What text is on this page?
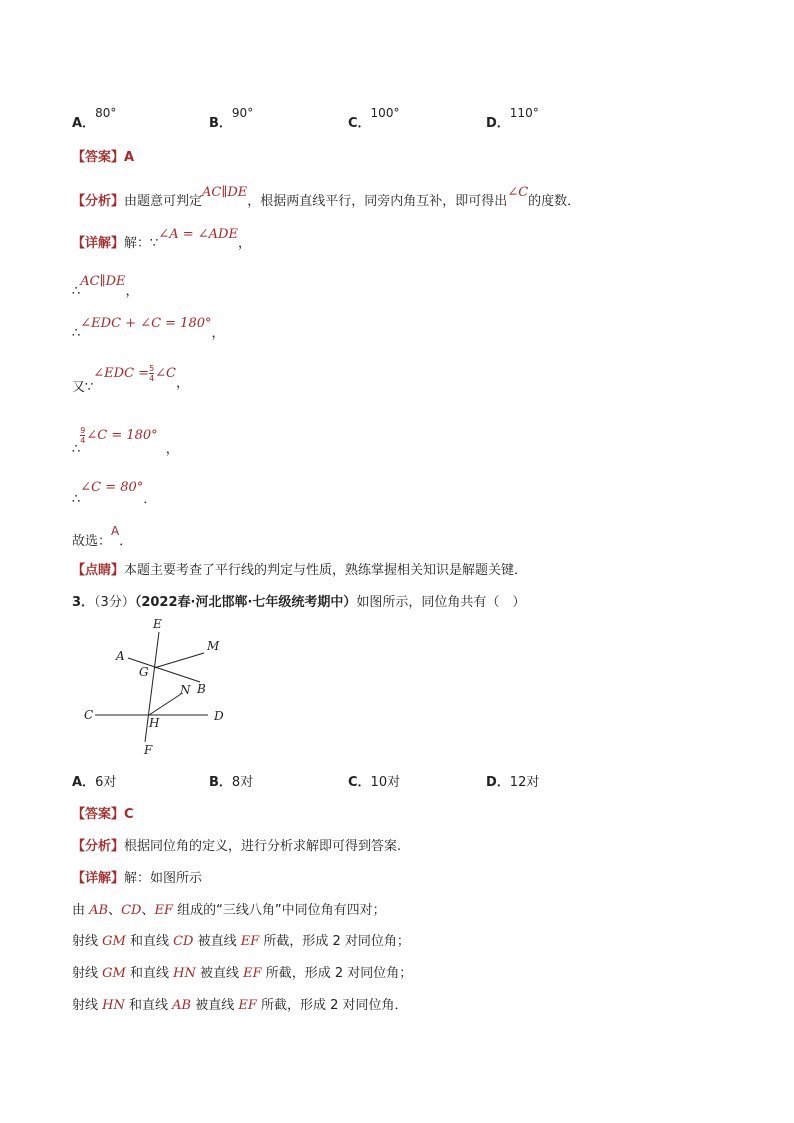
A．80°
B．90°
C．100°
D．110°
【答案】A
【分析】由题意可判定AC∥DE，根据两直线平行，同旁内角互补，即可得出∠C的度数．
【详解】解：∵∠A = ∠ADE，
∴AC∥DE，
∴∠EDC + ∠C = 180°，
又∵∠EDC = $\frac{5}{4}$ ∠C，
∴
$\frac{9}{4}$ ∠C = 180°，
∴∠C = 80°．
故选：A．
【点睛】本题主要考查了平行线的判定与性质，熟练掌握相关知识是解题关键．
3．（3分）（2022春·河北邯郸·七年级统考期中）如图所示，同位角共有（　）
E
M
A
G
B
N
C
H	D
F
A．6对	B．8对	C．10对	D．12对
【答案】C
【分析】根据同位角的定义，进行分析求解即可得到答案.
【详解】解：如图所示
由 AB、CD、EF 组成的“三线八角”中同位角有四对；
射线 GM 和直线 CD 被直线 EF 所截，形成 2 对同位角；
射线 GM 和直线 HN 被直线 EF 所截，形成 2 对同位角；
射线 HN 和直线 AB 被直线 EF 所截，形成 2 对同位角．
